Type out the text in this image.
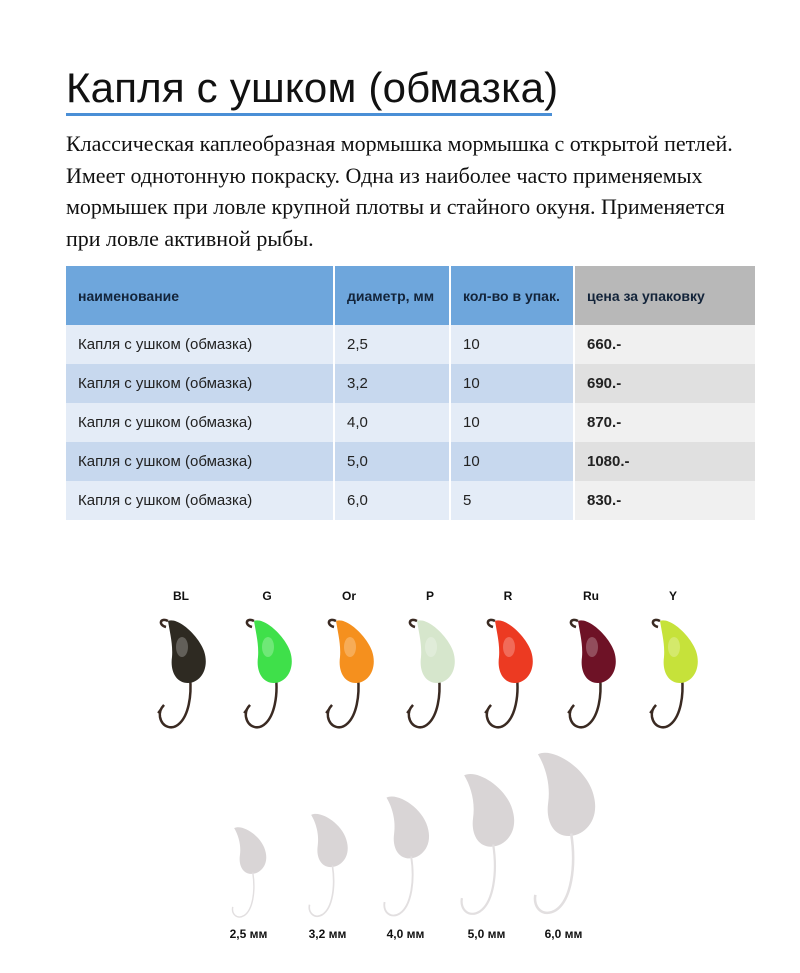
Капля с ушком (обмазка)
Классическая каплеобразная мормышка мормышка с открытой петлей. Имеет однотонную покраску. Одна из наиболее часто применяемых мормышек при ловле крупной плотвы и стайного окуня. Применяется при ловле активной рыбы.
наименование	диаметр, мм	кол-во в упак.	цена за упаковку
Капля с ушком (обмазка)	2,5	10	660.-
Капля с ушком (обмазка)	3,2	10	690.-
Капля с ушком (обмазка)	4,0	10	870.-
Капля с ушком (обмазка)	5,0	10	1080.-
Капля с ушком (обмазка)	6,0	5	830.-
BL	G	Or	P	R	Ru	Y
2,5 мм	3,2 мм	4,0 мм	5,0 мм	6,0 мм
